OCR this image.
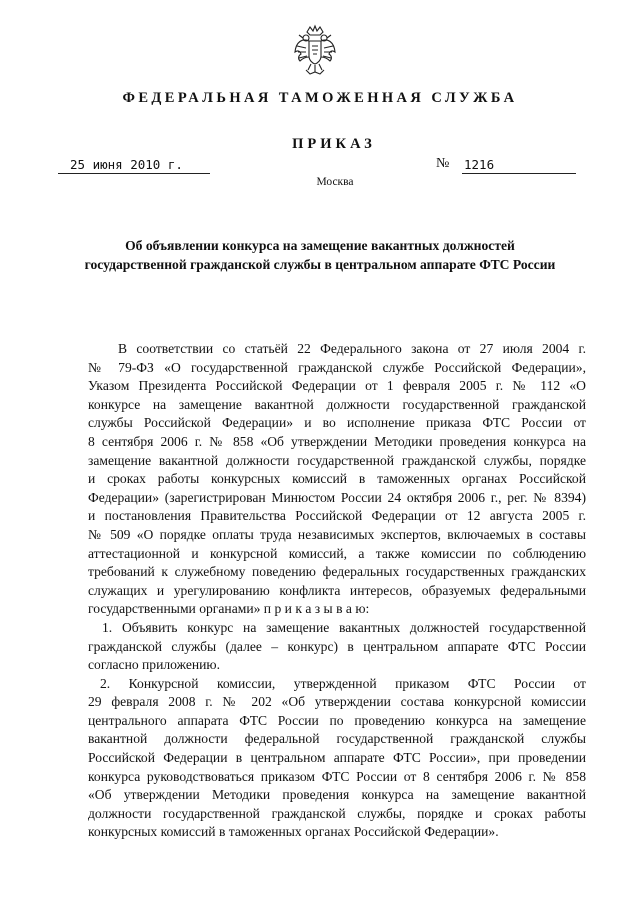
ФЕДЕРАЛЬНАЯ ТАМОЖЕННАЯ СЛУЖБА
ПРИКАЗ
25 июня 2010 г.	№ 1216
Москва
Об объявлении конкурса на замещение вакантных должностей
государственной гражданской службы в центральном аппарате ФТС России
В соответствии со статьёй 22 Федерального закона от 27 июля 2004 г.
№ 79-ФЗ «О государственной гражданской службе Российской Федерации»,
Указом Президента Российской Федерации от 1 февраля 2005 г. № 112 «О
конкурсе на замещение вакантной должности государственной гражданской
службы Российской Федерации» и во исполнение приказа ФТС России от
8 сентября 2006 г. № 858 «Об утверждении Методики проведения конкурса на
замещение вакантной должности государственной гражданской службы, порядке
и сроках работы конкурсных комиссий в таможенных органах Российской
Федерации» (зарегистрирован Минюстом России 24 октября 2006 г., рег. № 8394)
и постановления Правительства Российской Федерации от 12 августа 2005 г.
№ 509 «О порядке оплаты труда независимых экспертов, включаемых в составы
аттестационной и конкурсной комиссий, а также комиссии по соблюдению
требований к служебному поведению федеральных государственных гражданских
служащих и урегулированию конфликта интересов, образуемых федеральными
государственными органами» п р и к а з ы в а ю:
1. Объявить конкурс на замещение вакантных должностей государственной
гражданской службы (далее – конкурс) в центральном аппарате ФТС России
согласно приложению.
2. Конкурсной комиссии, утвержденной приказом ФТС России от
29 февраля 2008 г. № 202 «Об утверждении состава конкурсной комиссии
центрального аппарата ФТС России по проведению конкурса на замещение
вакантной должности федеральной государственной гражданской службы
Российской Федерации в центральном аппарате ФТС России», при проведении
конкурса руководствоваться приказом ФТС России от 8 сентября 2006 г. № 858
«Об утверждении Методики проведения конкурса на замещение вакантной
должности государственной гражданской службы, порядке и сроках работы
конкурсных комиссий в таможенных органах Российской Федерации».
